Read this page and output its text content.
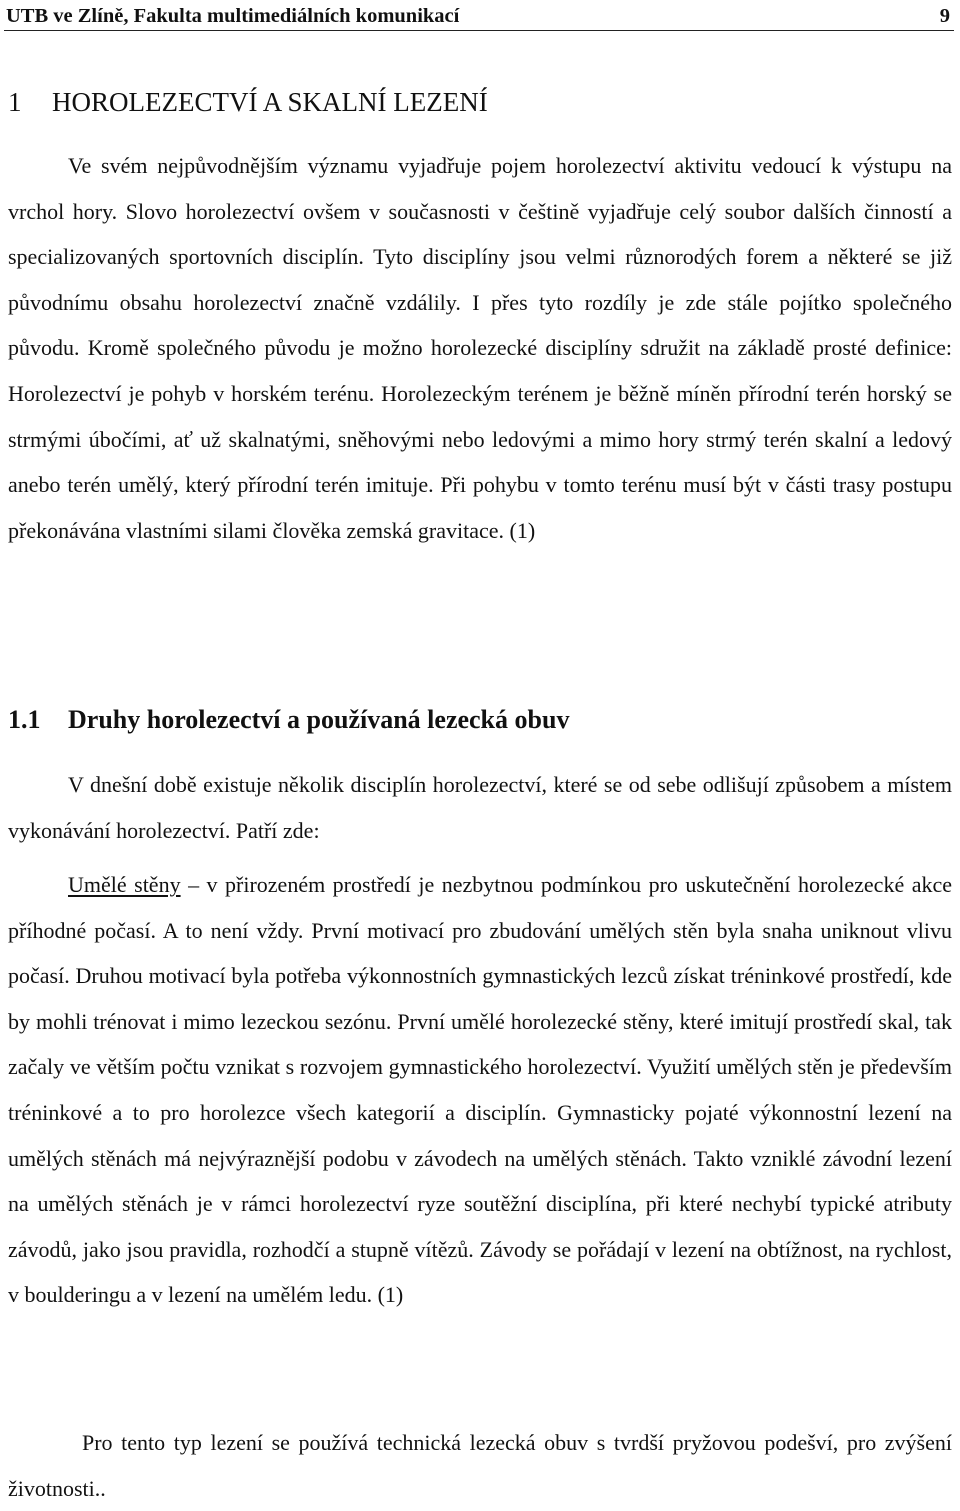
UTB ve Zlíně, Fakulta multimediálních komunikací	9
1 HOROLEZECTVÍ A SKALNÍ LEZENÍ

Ve svém nejpůvodnějším významu vyjadřuje pojem horolezectví aktivitu vedoucí k výstupu na vrchol hory. Slovo horolezectví ovšem v současnosti v češtině vyjadřuje celý soubor dalších činností a specializovaných sportovních disciplín. Tyto disciplíny jsou velmi různorodých forem a některé se již původnímu obsahu horolezectví značně vzdálily. I přes tyto rozdíly je zde stále pojítko společného původu. Kromě společného původu je možno horolezecké disciplíny sdružit na základě prosté definice: Horolezectví je pohyb v horském terénu. Horolezeckým terénem je běžně míněn přírodní terén horský se strmými úbočími, ať už skalnatými, sněhovými nebo ledovými a mimo hory strmý terén skalní a ledový anebo terén umělý, který přírodní terén imituje. Při pohybu v tomto terénu musí být v části trasy postupu překonávána vlastními silami člověka zemská gravitace. (1)

1.1 Druhy horolezectví a používaná lezecká obuv

V dnešní době existuje několik disciplín horolezectví, které se od sebe odlišují způsobem a místem vykonávání horolezectví. Patří zde:

Umělé stěny – v přirozeném prostředí je nezbytnou podmínkou pro uskutečnění horolezecké akce příhodné počasí. A to není vždy. První motivací pro zbudování umělých stěn byla snaha uniknout vlivu počasí. Druhou motivací byla potřeba výkonnostních gymnastických lezců získat tréninkové prostředí, kde by mohli trénovat i mimo lezeckou sezónu. První umělé horolezecké stěny, které imitují prostředí skal, tak začaly ve větším počtu vznikat s rozvojem gymnastického horolezectví. Využití umělých stěn je především tréninkové a to pro horolezce všech kategorií a disciplín. Gymnasticky pojaté výkonnostní lezení na umělých stěnách má nejvýraznější podobu v závodech na umělých stěnách. Takto vzniklé závodní lezení na umělých stěnách je v rámci horolezectví ryze soutěžní disciplína, při které nechybí typické atributy závodů, jako jsou pravidla, rozhodčí a stupně vítězů. Závody se pořádají v lezení na obtížnost, na rychlost, v boulderingu a v lezení na umělém ledu. (1)

Pro tento typ lezení se používá technická lezecká obuv s tvrdší pryžovou podešví, pro zvýšení životnosti..
